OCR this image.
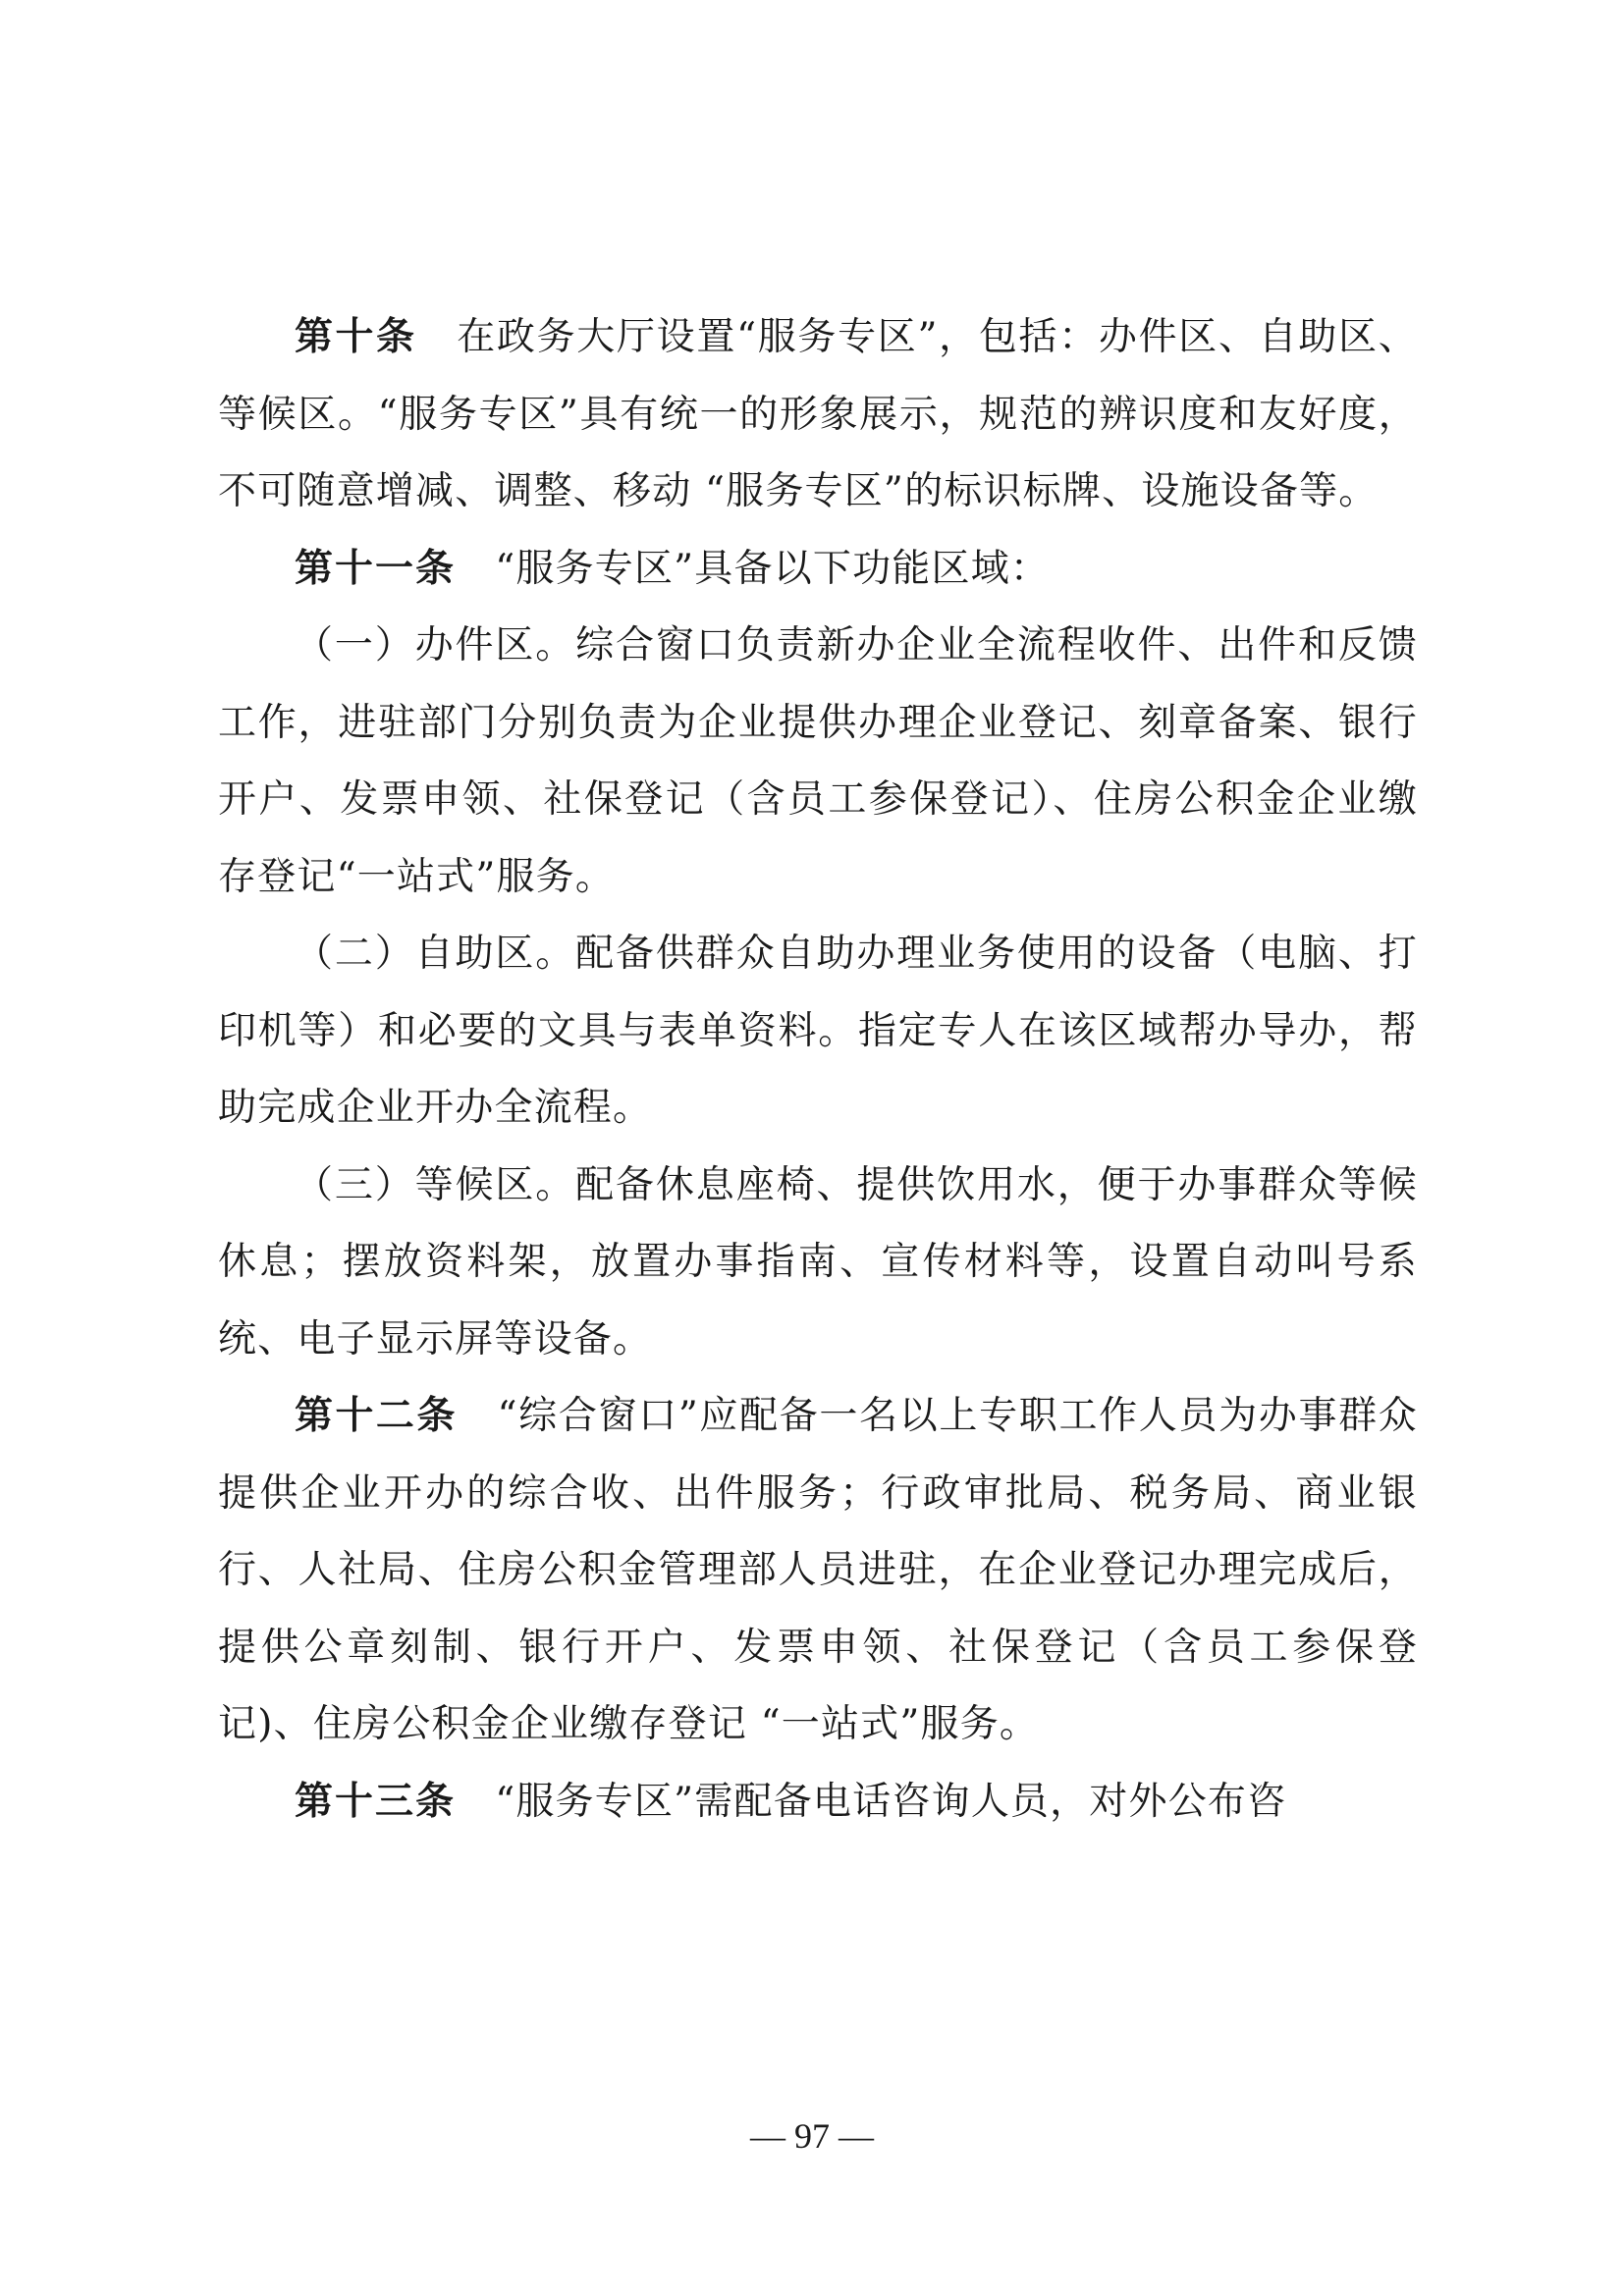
第十条　 在政务大厅设置“服务专区”，包括：办件区、自助区、等候区。“服务专区”具有统一的形象展示，规范的辨识度和友好度，不可随意增减、调整、移动 “服务专区”的标识标牌、设施设备等。

第十一条　 “服务专区”具备以下功能区域：

（一）办件区。综合窗口负责新办企业全流程收件、出件和反馈工作，进驻部门分别负责为企业提供办理企业登记、刻章备案、银行开户、发票申领、社保登记（含员工参保登记）、住房公积金企业缴存登记“一站式”服务。

（二）自助区。配备供群众自助办理业务使用的设备（电脑、打印机等）和必要的文具与表单资料。指定专人在该区域帮办导办，帮助完成企业开办全流程。

（三）等候区。配备休息座椅、提供饮用水，便于办事群众等候休息；摆放资料架，放置办事指南、宣传材料等，设置自动叫号系统、电子显示屏等设备。

第十二条　 “综合窗口”应配备一名以上专职工作人员为办事群众提供企业开办的综合收、出件服务；行政审批局、税务局、商业银行、人社局、住房公积金管理部人员进驻，在企业登记办理完成后，提供公章刻制、银行开户、发票申领、社保登记（含员工参保登记)、住房公积金企业缴存登记 “一站式”服务。

第十三条　 “服务专区”需配备电话咨询人员，对外公布咨

— 97 —
